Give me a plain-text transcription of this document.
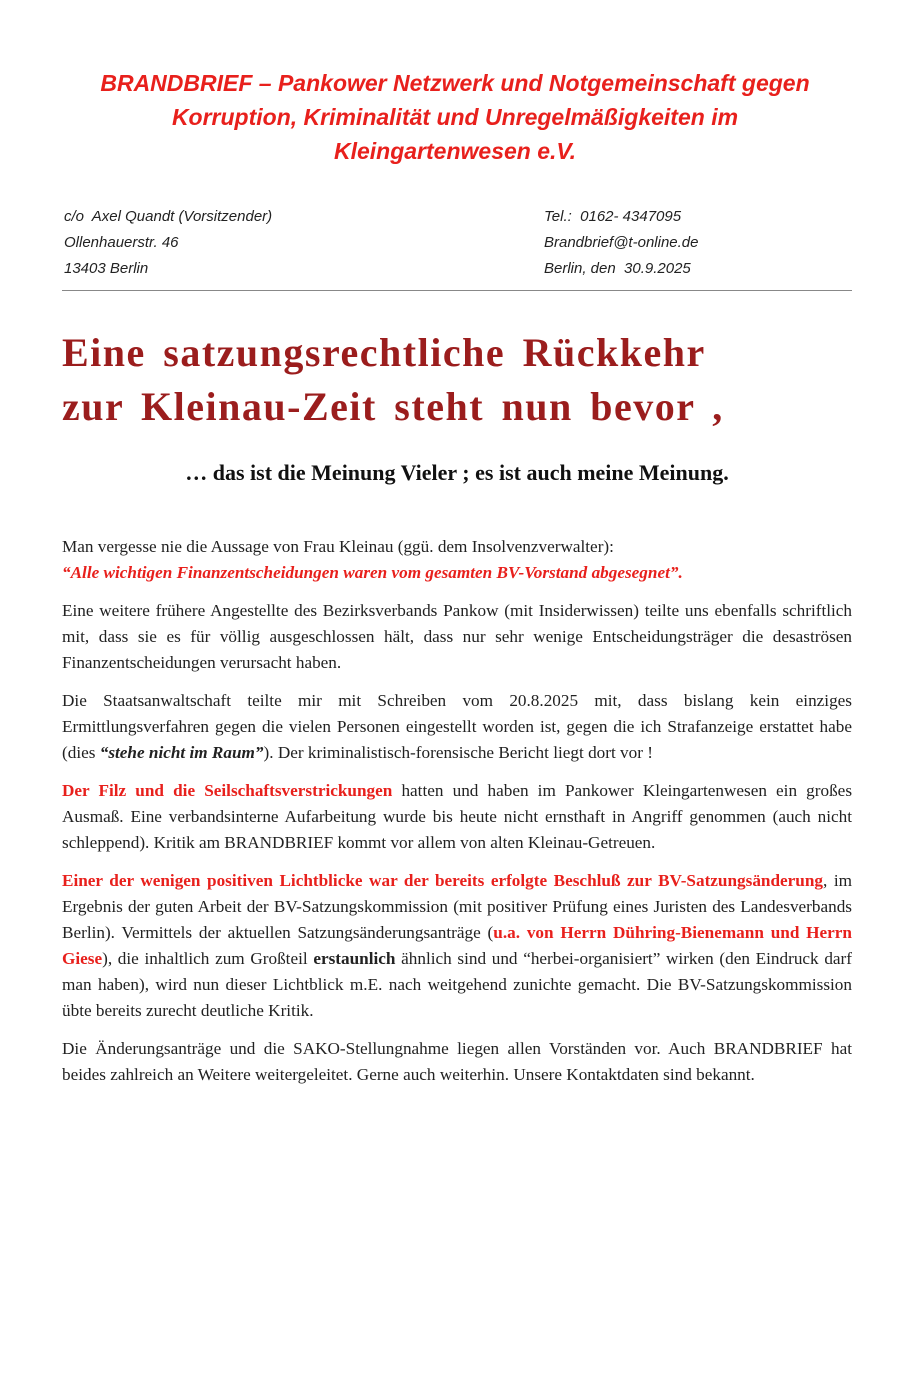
BRANDBRIEF – Pankower Netzwerk und Notgemeinschaft gegen
Korruption, Kriminalität und Unregelmäßigkeiten im
Kleingartenwesen e.V.
c/o  Axel Quandt (Vorsitzender)
Ollenhauerstr. 46
13403 Berlin
Tel.:  0162- 4347095
Brandbrief@t-online.de
Berlin, den  30.9.2025
Eine satzungsrechtliche Rückkehr
zur Kleinau-Zeit steht nun bevor ,
… das ist die Meinung Vieler ; es ist auch meine Meinung.

Man vergesse nie die Aussage von Frau Kleinau (ggü. dem Insolvenzverwalter):
“Alle wichtigen Finanzentscheidungen waren vom gesamten BV-Vorstand abgesegnet”.

Eine weitere frühere Angestellte des Bezirksverbands Pankow (mit Insiderwissen) teilte uns ebenfalls schriftlich mit, dass sie es für völlig ausgeschlossen hält, dass nur sehr wenige Entscheidungsträger die desaströsen Finanzentscheidungen verursacht haben.

Die Staatsanwaltschaft teilte mir mit Schreiben vom 20.8.2025 mit, dass bislang kein einziges Ermittlungsverfahren gegen die vielen Personen eingestellt worden ist, gegen die ich Strafanzeige erstattet habe (dies “stehe nicht im Raum”). Der kriminalistisch-forensische Bericht liegt dort vor !

Der Filz und die Seilschaftsverstrickungen hatten und haben im Pankower Kleingartenwesen ein großes Ausmaß. Eine verbandsinterne Aufarbeitung wurde bis heute nicht ernsthaft in Angriff genommen (auch nicht schleppend). Kritik am BRANDBRIEF kommt vor allem von alten Kleinau-Getreuen.

Einer der wenigen positiven Lichtblicke war der bereits erfolgte Beschluß zur BV-Satzungsänderung, im Ergebnis der guten Arbeit der BV-Satzungskommission (mit positiver Prüfung eines Juristen des Landesverbands Berlin). Vermittels der aktuellen Satzungsänderungsanträge (u.a. von Herrn Dühring-Bienemann und Herrn Giese), die inhaltlich zum Großteil erstaunlich ähnlich sind und “herbei-organisiert” wirken (den Eindruck darf man haben), wird nun dieser Lichtblick m.E. nach weitgehend zunichte gemacht. Die BV-Satzungskommission übte bereits zurecht deutliche Kritik.

Die Änderungsanträge und die SAKO-Stellungnahme liegen allen Vorständen vor. Auch BRANDBRIEF hat beides zahlreich an Weitere weitergeleitet. Gerne auch weiterhin. Unsere Kontaktdaten sind bekannt.
